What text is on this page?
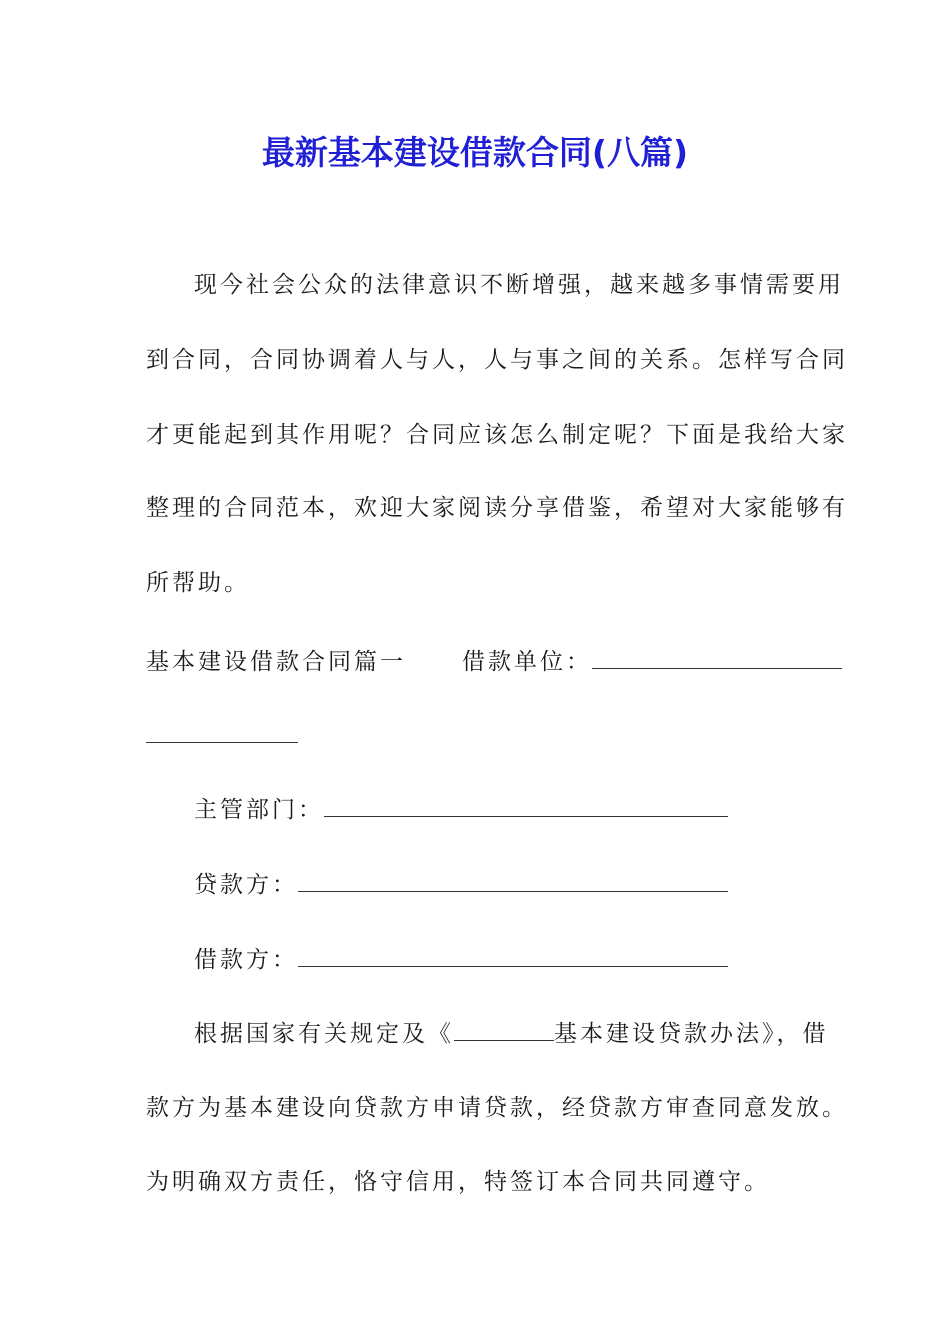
最新基本建设借款合同(八篇)
现今社会公众的法律意识不断增强，越来越多事情需要用
到合同，合同协调着人与人，人与事之间的关系。怎样写合同
才更能起到其作用呢？合同应该怎么制定呢？下面是我给大家
整理的合同范本，欢迎大家阅读分享借鉴，希望对大家能够有
所帮助。
基本建设借款合同篇一 借款单位：
主管部门：
贷款方：
借款方：
根据国家有关规定及《	基本建设贷款办法》，借
款方为基本建设向贷款方申请贷款，经贷款方审查同意发放。
为明确双方责任，恪守信用，特签订本合同共同遵守。
